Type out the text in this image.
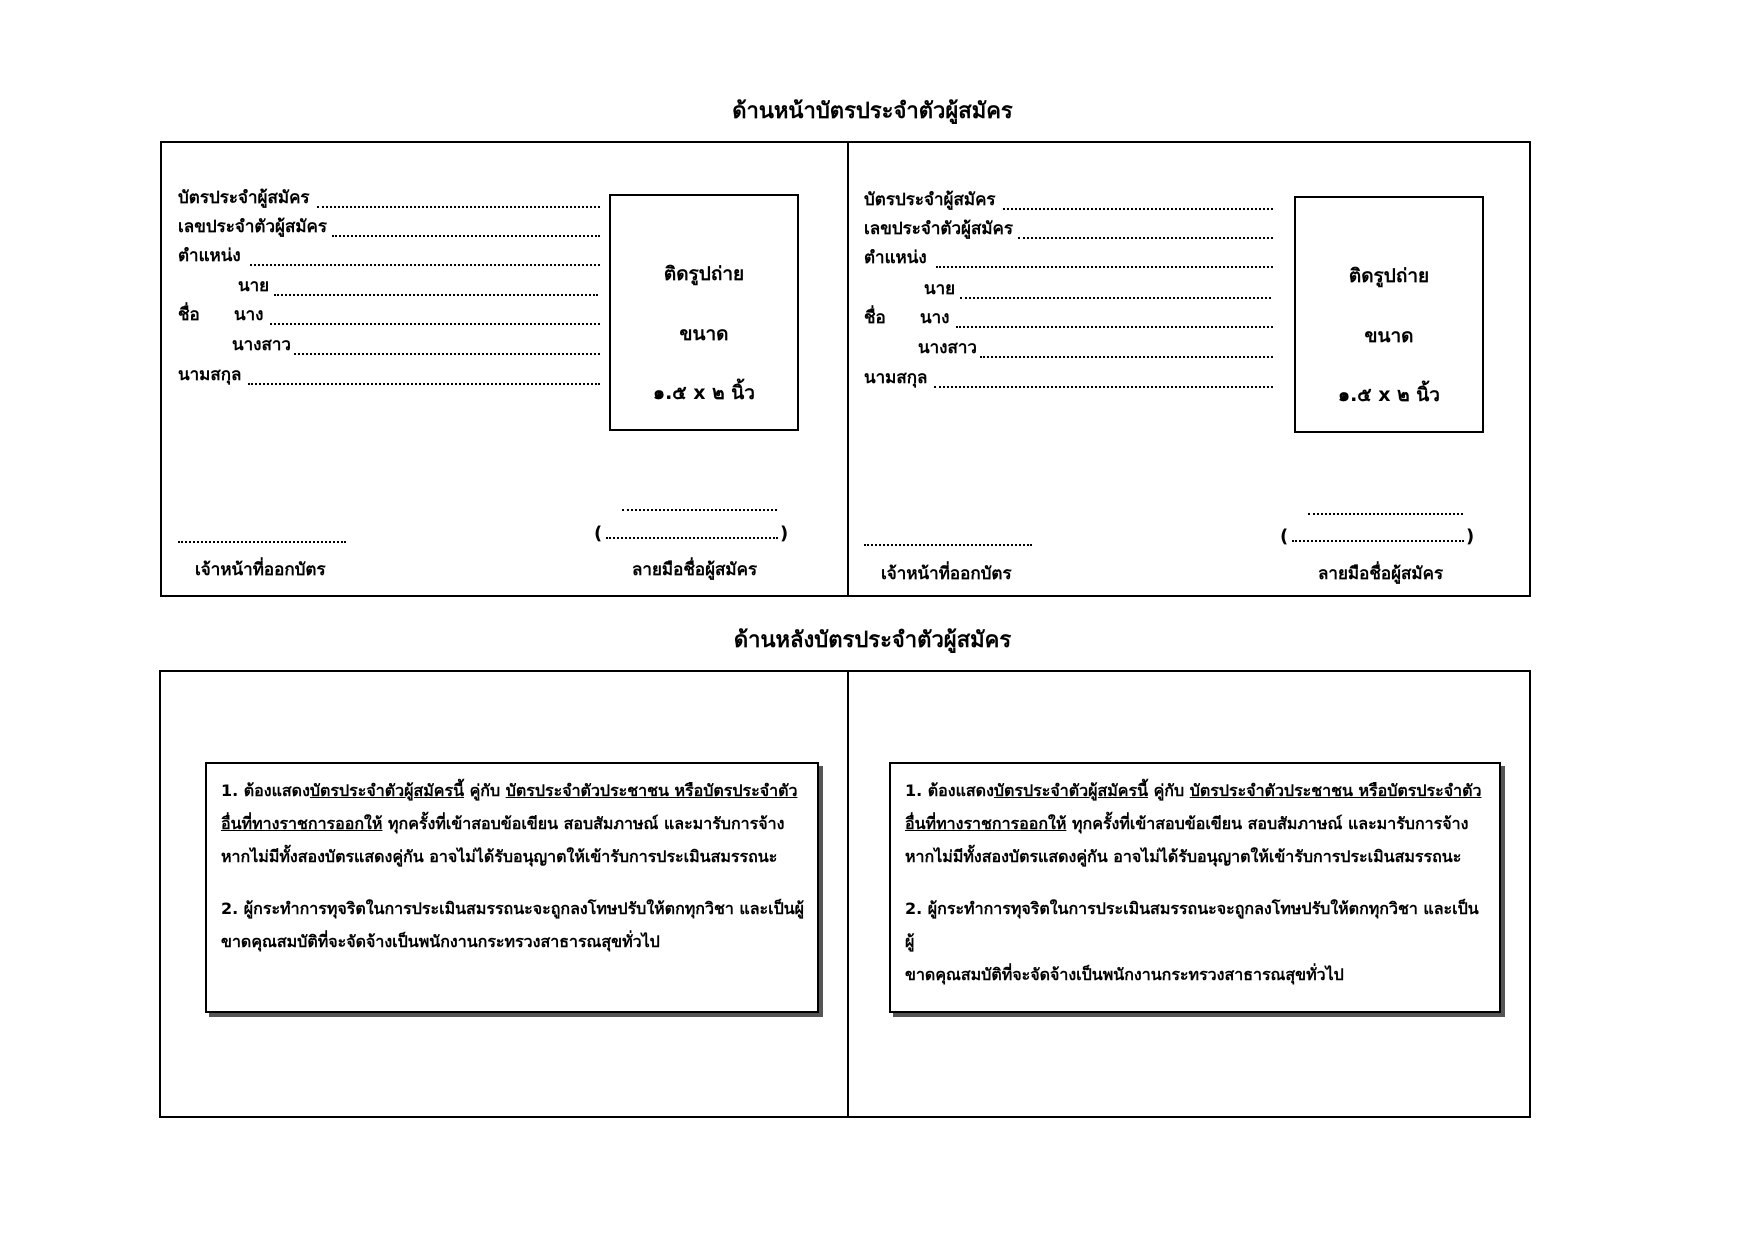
ด้านหน้าบัตรประจำตัวผู้สมัคร
บัตรประจำผู้สมัคร
เลขประจำตัวผู้สมัคร
ตำแหน่ง
นาย
ชื่อ นาง
นางสาว
นามสกุล
ติดรูปถ่าย
ขนาด
๑.๕ x ๒ นิ้ว
(	)
ลายมือชื่อผู้สมัคร
เจ้าหน้าที่ออกบัตร
บัตรประจำผู้สมัคร
เลขประจำตัวผู้สมัคร
ตำแหน่ง
นาย
ชื่อ นาง
นางสาว
นามสกุล
ติดรูปถ่าย
ขนาด
๑.๕ x ๒ นิ้ว
(	)
ลายมือชื่อผู้สมัคร
เจ้าหน้าที่ออกบัตร
ด้านหลังบัตรประจำตัวผู้สมัคร
1. ต้องแสดงบัตรประจำตัวผู้สมัครนี้ คู่กับ บัตรประจำตัวประชาชน หรือบัตรประจำตัว
อื่นที่ทางราชการออกให้ ทุกครั้งที่เข้าสอบข้อเขียน สอบสัมภาษณ์ และมารับการจ้าง
หากไม่มีทั้งสองบัตรแสดงคู่กัน อาจไม่ได้รับอนุญาตให้เข้ารับการประเมินสมรรถนะ
2. ผู้กระทำการทุจริตในการประเมินสมรรถนะจะถูกลงโทษปรับให้ตกทุกวิชา และเป็นผู้
ขาดคุณสมบัติที่จะจัดจ้างเป็นพนักงานกระทรวงสาธารณสุขทั่วไป
1. ต้องแสดงบัตรประจำตัวผู้สมัครนี้ คู่กับ บัตรประจำตัวประชาชน หรือบัตรประจำตัว
อื่นที่ทางราชการออกให้ ทุกครั้งที่เข้าสอบข้อเขียน สอบสัมภาษณ์ และมารับการจ้าง
หากไม่มีทั้งสองบัตรแสดงคู่กัน อาจไม่ได้รับอนุญาตให้เข้ารับการประเมินสมรรถนะ
2. ผู้กระทำการทุจริตในการประเมินสมรรถนะจะถูกลงโทษปรับให้ตกทุกวิชา และเป็นผู้
ขาดคุณสมบัติที่จะจัดจ้างเป็นพนักงานกระทรวงสาธารณสุขทั่วไป
